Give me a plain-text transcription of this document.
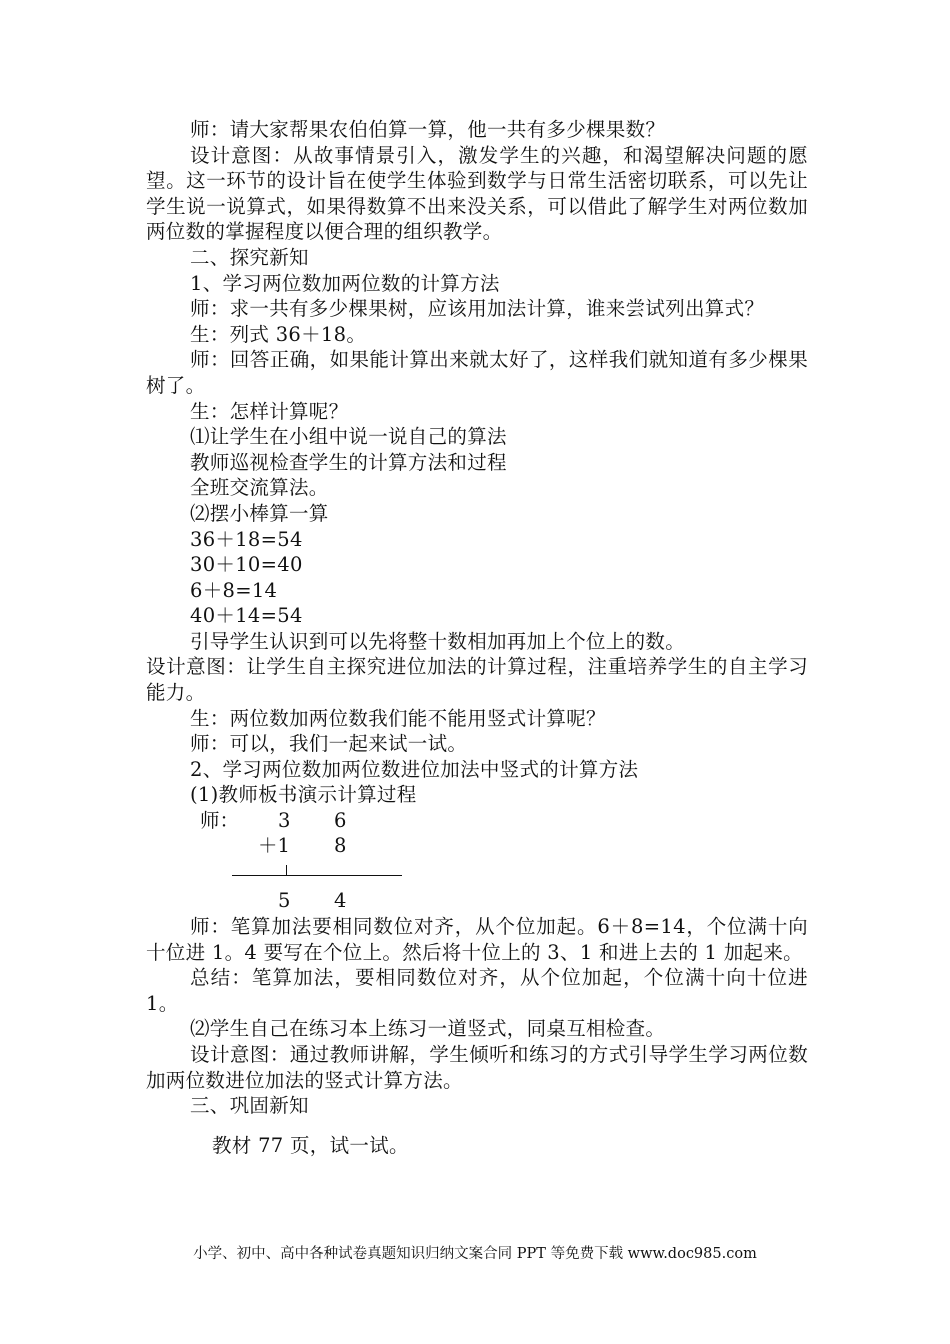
师：请大家帮果农伯伯算一算，他一共有多少棵果数？

设计意图：从故事情景引入，激发学生的兴趣，和渴望解决问题的愿望。这一环节的设计旨在使学生体验到数学与日常生活密切联系，可以先让学生说一说算式，如果得数算不出来没关系，可以借此了解学生对两位数加两位数的掌握程度以便合理的组织教学。

二、探究新知

1、学习两位数加两位数的计算方法

师：求一共有多少棵果树，应该用加法计算，谁来尝试列出算式？

生：列式 36＋18。

师：回答正确，如果能计算出来就太好了，这样我们就知道有多少棵果树了。

生：怎样计算呢？

⑴让学生在小组中说一说自己的算法

教师巡视检查学生的计算方法和过程

全班交流算法。

⑵摆小棒算一算

36＋18=54

30＋10=40

6＋8=14

40＋14=54

引导学生认识到可以先将整十数相加再加上个位上的数。

设计意图：让学生自主探究进位加法的计算过程，注重培养学生的自主学习能力。

生：两位数加两位数我们能不能用竖式计算呢？

师：可以，我们一起来试一试。

2、学习两位数加两位数进位加法中竖式的计算方法

(1)教师板书演示计算过程

师： 3 6
＋1 8
5 4

师：笔算加法要相同数位对齐，从个位加起。6＋8=14，个位满十向十位进 1。4 要写在个位上。然后将十位上的 3、1 和进上去的 1 加起来。

总结：笔算加法，要相同数位对齐，从个位加起，个位满十向十位进 1。

⑵学生自己在练习本上练习一道竖式，同桌互相检查。

设计意图：通过教师讲解，学生倾听和练习的方式引导学生学习两位数加两位数进位加法的竖式计算方法。

三、巩固新知

教材 77 页，试一试。

小学、初中、高中各种试卷真题知识归纳文案合同 PPT 等免费下载 www.doc985.com
